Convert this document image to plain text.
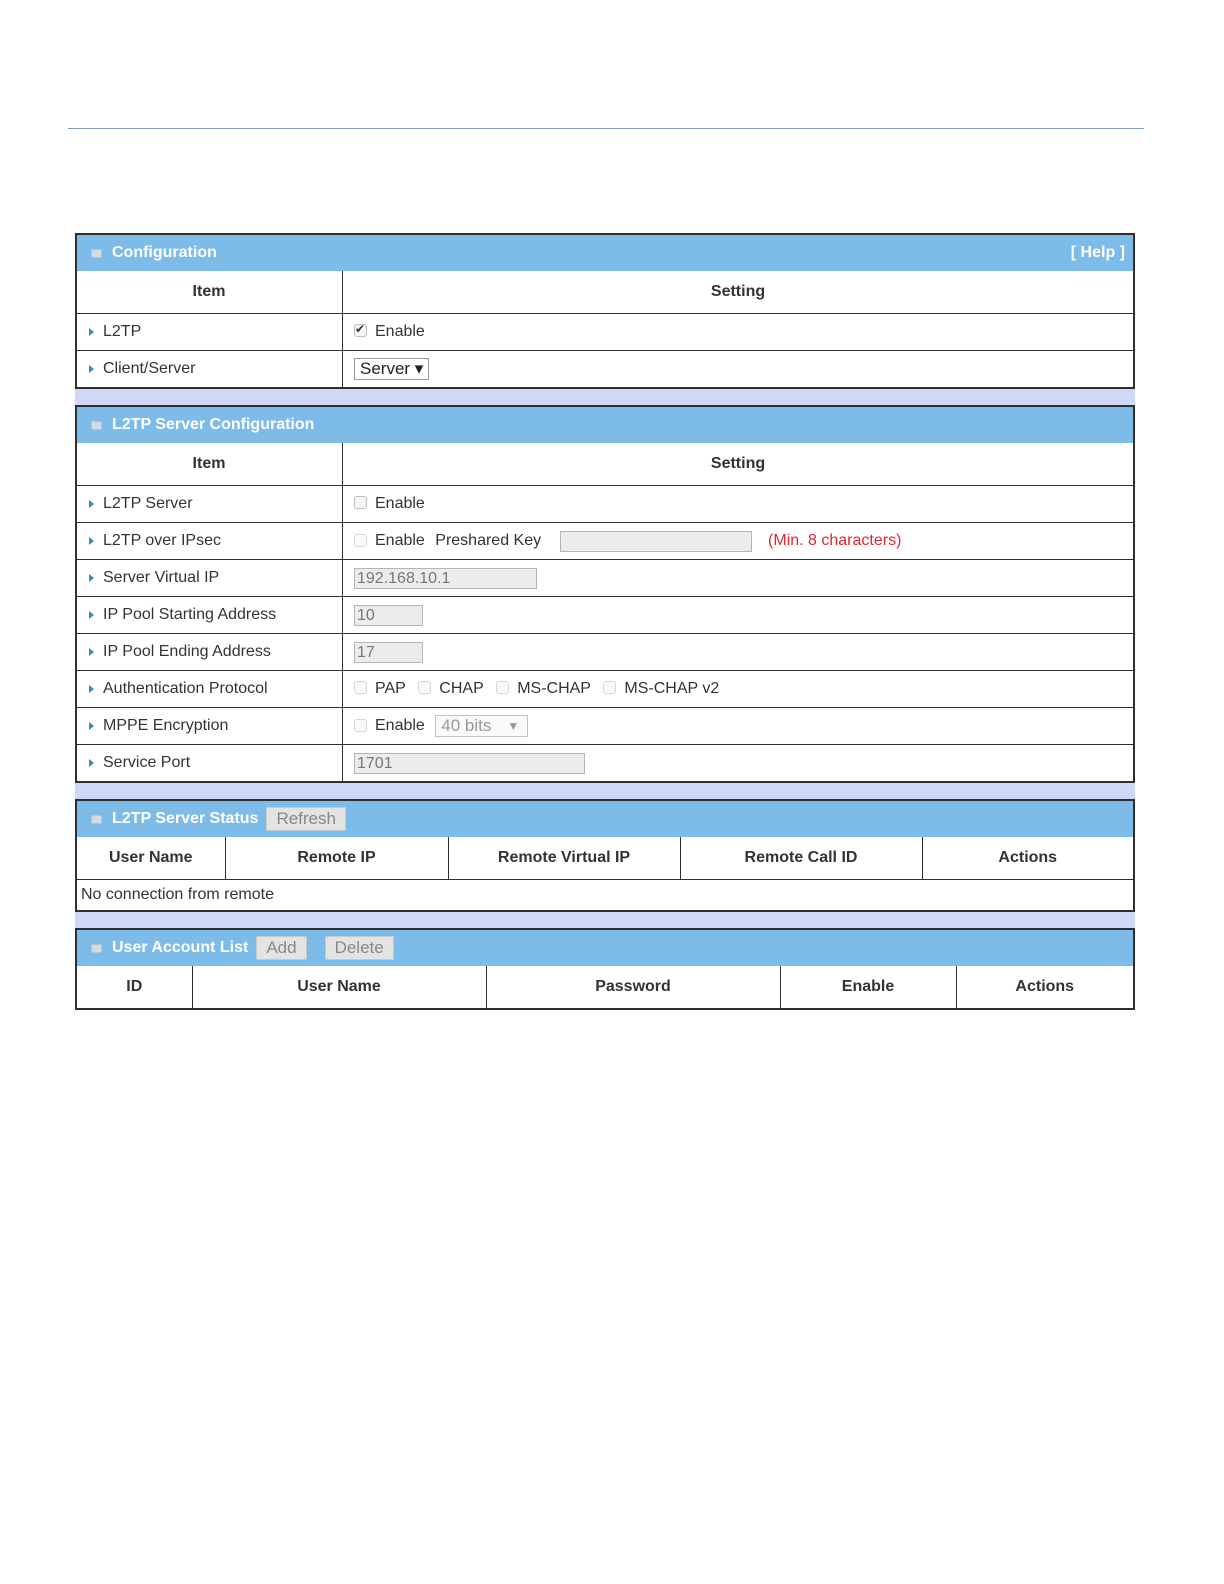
Configuration	[ Help ]
Item	Setting
L2TP	✔Enable
Client/Server	Server ▾
L2TP Server Configuration
Item	Setting
L2TP Server	Enable
L2TP over IPsec	Enable Preshared Key (Min. 8 characters)
Server Virtual IP	192.168.10.1
IP Pool Starting Address	10
IP Pool Ending Address	17
Authentication Protocol	PAP CHAP MS-CHAP MS-CHAP v2
MPPE Encryption	Enable 40 bits ▼

Service Port	1701
L2TP Server Status	Refresh
User Name	Remote IP	Remote Virtual IP	Remote Call ID	Actions
No connection from remote
User Account List	Add	Delete
ID	User Name	Password	Enable	Actions
